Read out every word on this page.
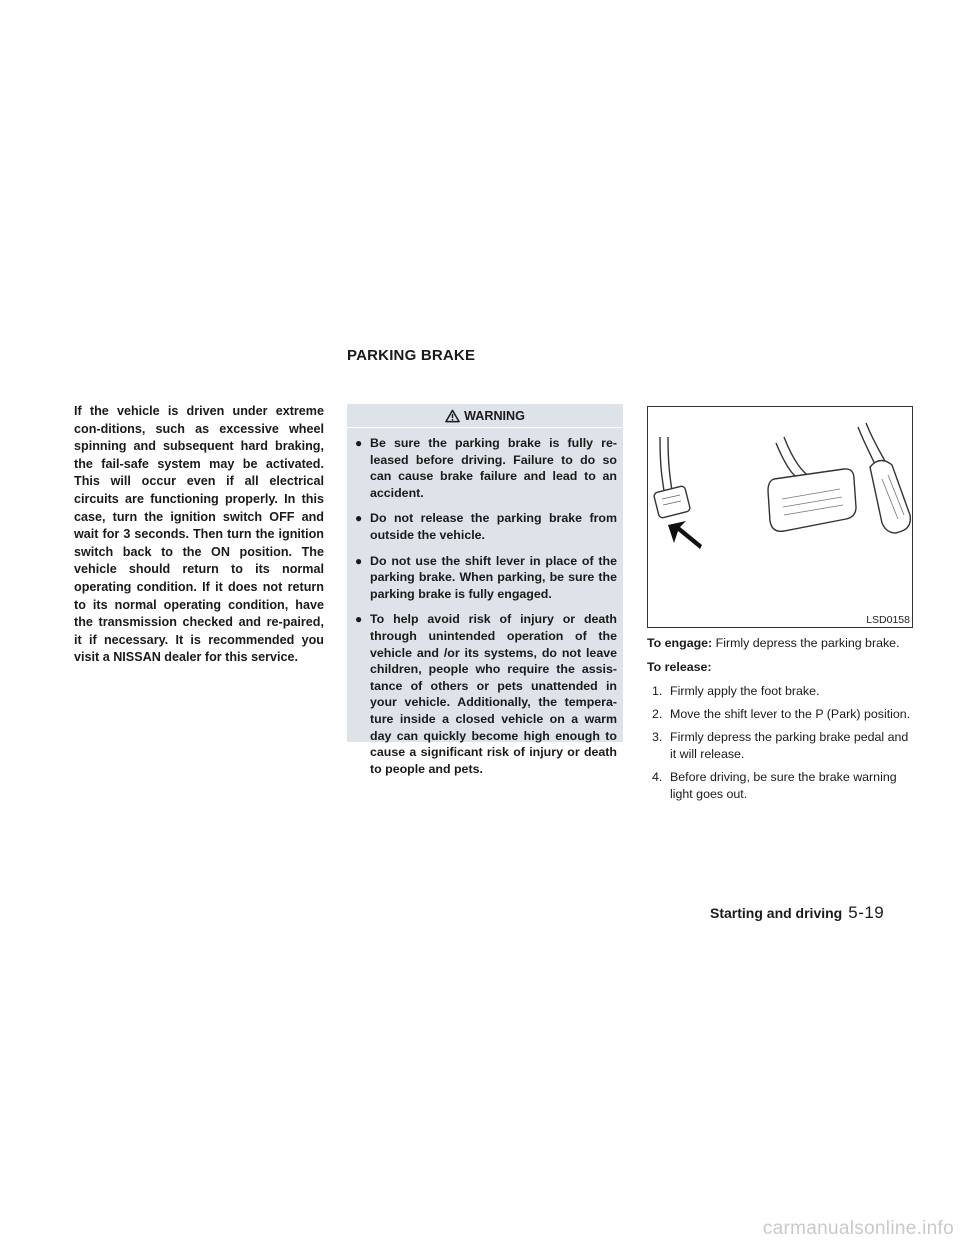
PARKING BRAKE

If the vehicle is driven under extreme con-ditions, such as excessive wheel spinning and subsequent hard braking, the fail-safe system may be activated. This will occur even if all electrical circuits are functioning properly. In this case, turn the ignition switch OFF and wait for 3 seconds. Then turn the ignition switch back to the ON position. The vehicle should return to its normal operating condition. If it does not return to its normal operating condition, have the transmission checked and re-paired, it if necessary. It is recommended you visit a NISSAN dealer for this service.

WARNING
● Be sure the parking brake is fully re-leased before driving. Failure to do so can cause brake failure and lead to an accident.
● Do not release the parking brake from outside the vehicle.
● Do not use the shift lever in place of the parking brake. When parking, be sure the parking brake is fully engaged.
● To help avoid risk of injury or death through unintended operation of the vehicle and /or its systems, do not leave children, people who require the assis-tance of others or pets unattended in your vehicle. Additionally, the tempera-ture inside a closed vehicle on a warm day can quickly become high enough to cause a significant risk of injury or death to people and pets.
LSD0158

To engage: Firmly depress the parking brake.

To release:

1. Firmly apply the foot brake.
2. Move the shift lever to the P (Park) position.
3. Firmly depress the parking brake pedal and it will release.
4. Before driving, be sure the brake warning light goes out.
Starting and driving 5-19
carmanualsonline.info
